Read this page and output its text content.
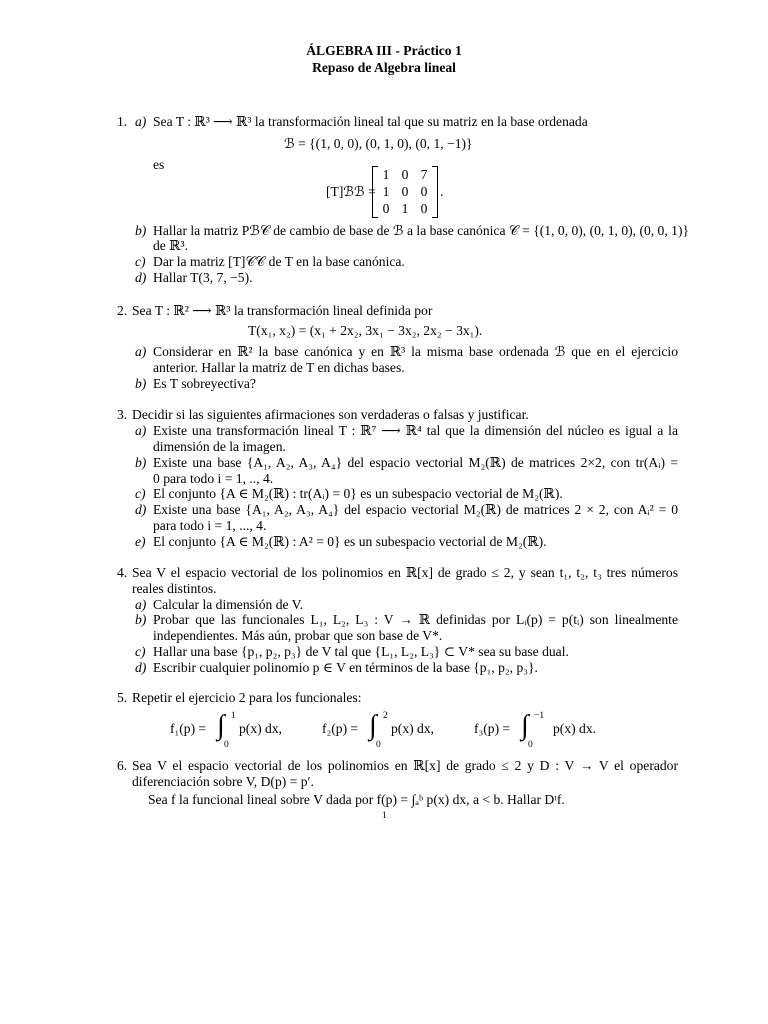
ÁLGEBRA III - Práctico 1
Repaso de Algebra lineal
1. a) Sea T : ℝ³ ⟶ ℝ³ la transformación lineal tal que su matriz en la base ordenada
ℬ = {(1, 0, 0), (0, 1, 0), (0, 1, −1)}
es
[T]ℬℬ =
1 0 7
1 0 0
0 1 0
.
b) Hallar la matriz Pℬ𝒞 de cambio de base de ℬ a la base canónica 𝒞 = {(1, 0, 0), (0, 1, 0), (0, 0, 1)}
de ℝ³.
c) Dar la matriz [T]𝒞𝒞 de T en la base canónica.
d) Hallar T(3, 7, −5).
2. Sea T : ℝ² ⟶ ℝ³ la transformación lineal definida por
T(x₁, x₂) = (x₁ + 2x₂, 3x₁ − 3x₂, 2x₂ − 3x₁).
a) Considerar en ℝ² la base canónica y en ℝ³ la misma base ordenada ℬ que en el ejercicio
anterior. Hallar la matriz de T en dichas bases.
b) Es T sobreyectiva?
3. Decidir si las siguientes afirmaciones son verdaderas o falsas y justificar.
a) Existe una transformación lineal T : ℝ⁷ ⟶ ℝ⁴ tal que la dimensión del núcleo es igual a la
dimensión de la imagen.
b) Existe una base {A₁, A₂, A₃, A₄} del espacio vectorial M₂(ℝ) de matrices 2×2, con tr(Aᵢ) =
0 para todo i = 1, .., 4.
c) El conjunto {A ∈ M₂(ℝ) : tr(Aᵢ) = 0} es un subespacio vectorial de M₂(ℝ).
d) Existe una base {A₁, A₂, A₃, A₄} del espacio vectorial M₂(ℝ) de matrices 2 × 2, con Aᵢ² = 0
para todo i = 1, ..., 4.
e) El conjunto {A ∈ M₂(ℝ) : A² = 0} es un subespacio vectorial de M₂(ℝ).
4. Sea V el espacio vectorial de los polinomios en ℝ[x] de grado ≤ 2, y sean t₁, t₂, t₃ tres números
reales distintos.
a) Calcular la dimensión de V.
b) Probar que las funcionales L₁, L₂, L₃ : V → ℝ definidas por Lᵢ(p) = p(tᵢ) son linealmente
independientes. Más aún, probar que son base de V*.
c) Hallar una base {p₁, p₂, p₃} de V tal que {L₁, L₂, L₃} ⊂ V* sea su base dual.
d) Escribir cualquier polinomio p ∈ V en términos de la base {p₁, p₂, p₃}.
5. Repetir el ejercicio 2 para los funcionales:
f₁(p) = ∫ 1
0
p(x) dx,	f₂(p) = ∫ 2
0
p(x) dx,	f₃(p) = ∫ −1
0
p(x) dx.
6. Sea V el espacio vectorial de los polinomios en ℝ[x] de grado ≤ 2 y D : V → V el operador
diferenciación sobre V, D(p) = p′.
Sea f la funcional lineal sobre V dada por f(p) = ∫ₐᵇ p(x) dx, a < b. Hallar Dᵗf.
1
